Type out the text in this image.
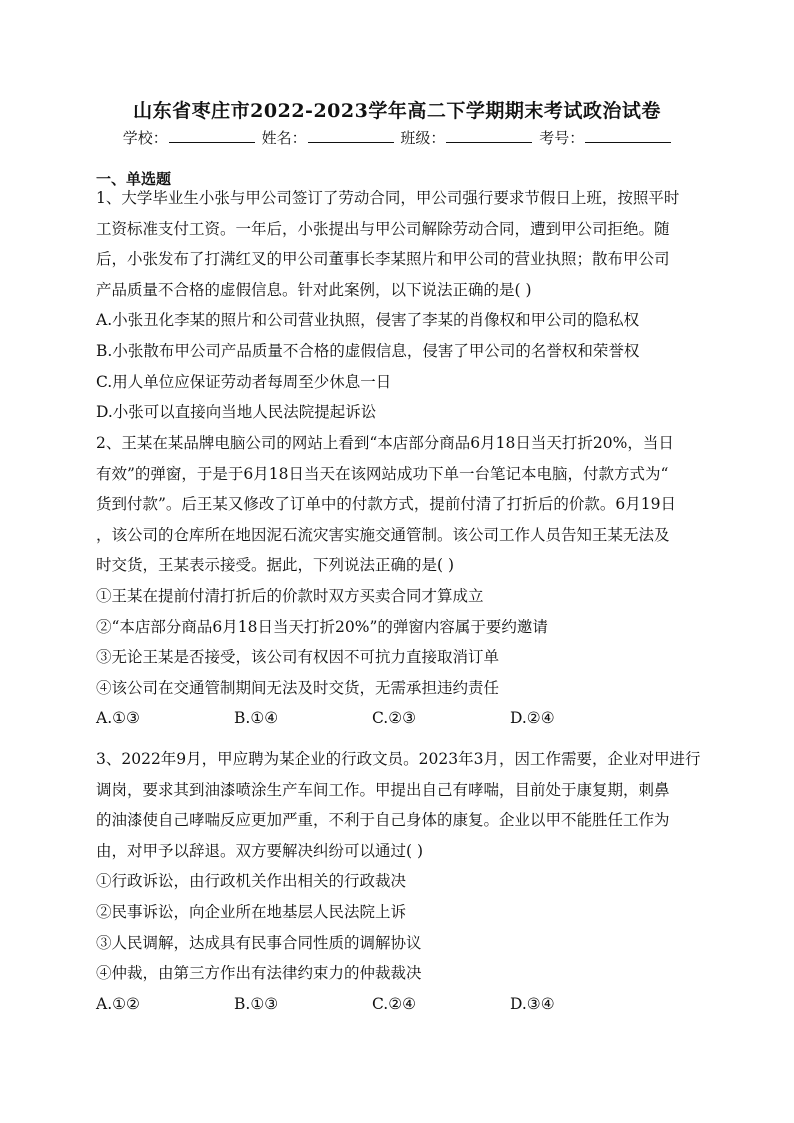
山东省枣庄市2022-2023学年高二下学期期末考试政治试卷
学校：	姓名：	班级：	考号：
一、单选题
1、大学毕业生小张与甲公司签订了劳动合同，甲公司强行要求节假日上班，按照平时
工资标准支付工资。一年后，小张提出与甲公司解除劳动合同，遭到甲公司拒绝。随
后，小张发布了打满红叉的甲公司董事长李某照片和甲公司的营业执照；散布甲公司
产品质量不合格的虚假信息。针对此案例，以下说法正确的是( )
A.小张丑化李某的照片和公司营业执照，侵害了李某的肖像权和甲公司的隐私权
B.小张散布甲公司产品质量不合格的虚假信息，侵害了甲公司的名誉权和荣誉权
C.用人单位应保证劳动者每周至少休息一日
D.小张可以直接向当地人民法院提起诉讼
2、王某在某品牌电脑公司的网站上看到“本店部分商品6月18日当天打折20%，当日
有效”的弹窗，于是于6月18日当天在该网站成功下单一台笔记本电脑，付款方式为“
货到付款”。后王某又修改了订单中的付款方式，提前付清了打折后的价款。6月19日
，该公司的仓库所在地因泥石流灾害实施交通管制。该公司工作人员告知王某无法及
时交货，王某表示接受。据此，下列说法正确的是( )
①王某在提前付清打折后的价款时双方买卖合同才算成立
②“本店部分商品6月18日当天打折20%”的弹窗内容属于要约邀请
③无论王某是否接受，该公司有权因不可抗力直接取消订单
④该公司在交通管制期间无法及时交货，无需承担违约责任
A.①③	B.①④	C.②③	D.②④
3、2022年9月，甲应聘为某企业的行政文员。2023年3月，因工作需要，企业对甲进行
调岗，要求其到油漆喷涂生产车间工作。甲提出自己有哮喘，目前处于康复期，刺鼻
的油漆使自己哮喘反应更加严重，不利于自己身体的康复。企业以甲不能胜任工作为
由，对甲予以辞退。双方要解决纠纷可以通过( )
①行政诉讼，由行政机关作出相关的行政裁决
②民事诉讼，向企业所在地基层人民法院上诉
③人民调解，达成具有民事合同性质的调解协议
④仲裁，由第三方作出有法律约束力的仲裁裁决
A.①②	B.①③	C.②④	D.③④
